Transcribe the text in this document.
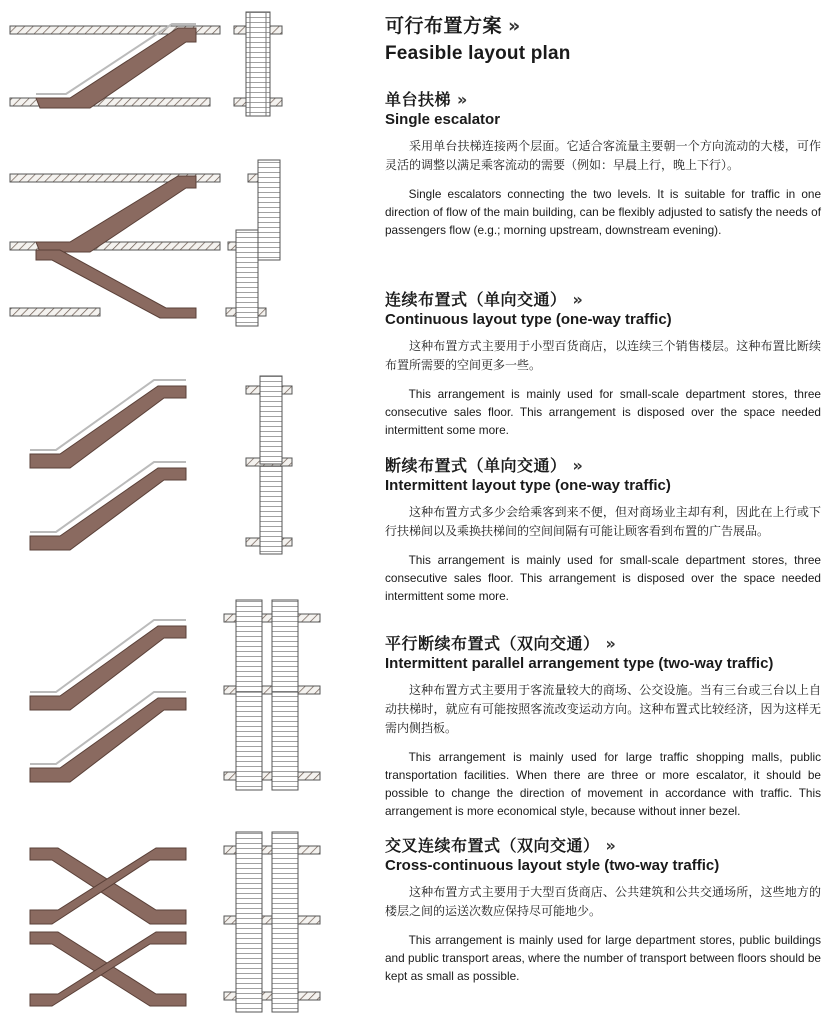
可行布置方案 »
Feasible layout plan
单台扶梯 »
Single escalator

采用单台扶梯连接两个层面。它适合客流量主要朝一个方向流动的大楼，可作灵活的调整以满足乘客流动的需要（例如：早晨上行，晚上下行）。

Single escalators connecting the two levels. It is suitable for traffic in one direction of flow of the main building, can be flexibly adjusted to satisfy the needs of passengers flow (e.g.; morning upstream, downstream evening).

连续布置式（单向交通） »
Continuous layout type (one-way traffic)

这种布置方式主要用于小型百货商店，以连续三个销售楼层。这种布置比断续布置所需要的空间更多一些。

This arrangement is mainly used for small-scale department stores, three consecutive sales floor. This arrangement is disposed over the space needed intermittent some more.

断续布置式（单向交通） »
Intermittent layout type (one-way traffic)

这种布置方式多少会给乘客到来不便，但对商场业主却有利，因此在上行或下行扶梯间以及乘换扶梯间的空间间隔有可能让顾客看到布置的广告展品。

This arrangement is mainly used for small-scale department stores, three consecutive sales floor. This arrangement is disposed over the space needed intermittent some more.

平行断续布置式（双向交通） »
Intermittent parallel arrangement type (two-way traffic)

这种布置方式主要用于客流量较大的商场、公交设施。当有三台或三台以上自动扶梯时，就应有可能按照客流改变运动方向。这种布置式比较经济，因为这样无需内侧挡板。

This arrangement is mainly used for large traffic shopping malls, public transportation facilities. When there are three or more escalator, it should be possible to change the direction of movement in accordance with traffic. This arrangement is more economical style, because without inner bezel.

交叉连续布置式（双向交通） »
Cross-continuous layout style (two-way traffic)

这种布置方式主要用于大型百货商店、公共建筑和公共交通场所，这些地方的楼层之间的运送次数应保持尽可能地少。

This arrangement is mainly used for large department stores, public buildings and public transport areas, where the number of transport between floors should be kept as small as possible.
